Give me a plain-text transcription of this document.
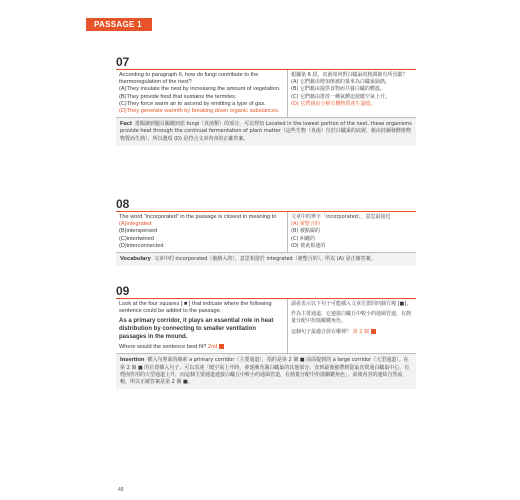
PASSAGE 1
07
According to paragraph 6, how do fungi contribute to the thermoregulation of the nest?
(A) They insulate the nest by increasing the amount of vegetation.
(B) They provide food that sustains the termites.
(C) They force warm air to ascend by emitting a type of gas.
(D) They generate warmth by breaking down organic substances.
根據第 6 段，真菌如何對白蟻巢的熱調節有所貢獻？
(A) 它們藉由增加植被的量來為白蟻巢隔熱。
(B) 它們藉由提供食物而共養白蟻的體溫。
(C) 它們藉由排放一種氣體迫使暖空氣上升。
(D) 它們藉由分解有機物質產生溫暖。
Fact 當閱讀到題目關鍵詞語 fungi（真菌類）的部分，可以得知 Located in the lowest portion of the nest, these organisms provide heat through the continual fermentation of plant matter（這些生物（真菌）位於白蟻巢的底層，藉由持續發酵植物物質而生熱），所以選項 (D) 是符合文章內容的正確答案。
08
The word “incorporated” in the passage is closest in meaning to
(A) integrated
(B) interspersed
(C) intertwined
(D) interconnected
文章中的單字「incorporated」，意思最接近
(A) 被整合的
(B) 被點綴的
(C) 糾纏的
(D) 彼此相連的
Vocabulary 文章中的 incorporated（被納入的），意思相當於 integrated（被整合的），所以 (A) 是正確答案。
09
Look at the four squares [ ■ ] that indicate where the following sentence could be added to the passage.
As a primary corridor, it plays an essential role in heat distribution by connecting to smaller ventilation passages in the mound.
Where would the sentence best fit? 2nd
請看表示以下句子可能插入文章位置的四個方塊 [■]。
作為主要通道，它連接白蟻丘中較小的通風管道，在熱量分配中扮演關鍵角色。
這個句子最適合放在哪裡？ 第 2 個
Insertion 插入句裡面的線索 a primary corridor（主要通道），指的是第 2 個 ■ 前面提到的 a large corridor（大型通道）。在第 2 個 ■ 的位置插入句子，可以表達「暖空氣上升時，會逐漸充滿白蟻巢的其他部分，直到最後被帶到從巢直貫通白蟻巢中心，有煙囪作用的大型通道上升，而這個主要通道連接白蟻丘中較小的通風管道，在熱量分配中扮演關鍵角色」，前後內容的連結自然流暢，所以正確答案是第 2 個 ■。
48
